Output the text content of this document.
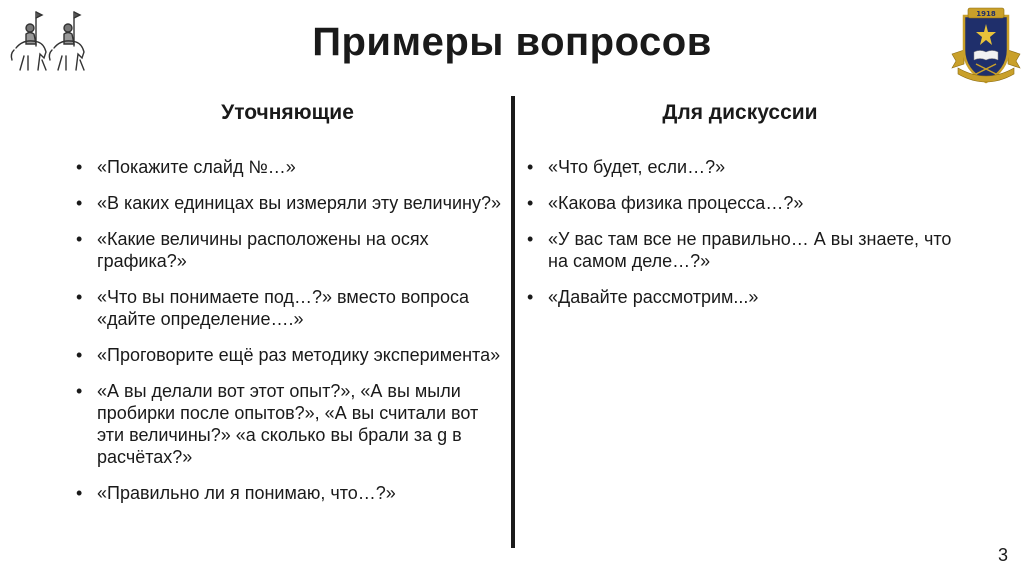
Примеры вопросов
1918
Уточняющие	Для дискуссии
• «Покажите слайд №…»
• «В каких единицах вы измеряли эту величину?»
• «Какие величины расположены на осях графика?»
• «Что вы понимаете под…?» вместо вопроса «дайте определение….»
• «Проговорите ещё раз методику эксперимента»
• «А вы делали вот этот опыт?», «А вы мыли пробирки после опытов?», «А вы считали вот эти величины?» «а сколько вы брали за g в расчётах?»
• «Правильно ли я понимаю, что…?»
• «Что будет, если…?»
• «Какова физика процесса…?»
• «У вас там все не правильно… А вы знаете, что на самом деле…?»
• «Давайте рассмотрим...»
3
